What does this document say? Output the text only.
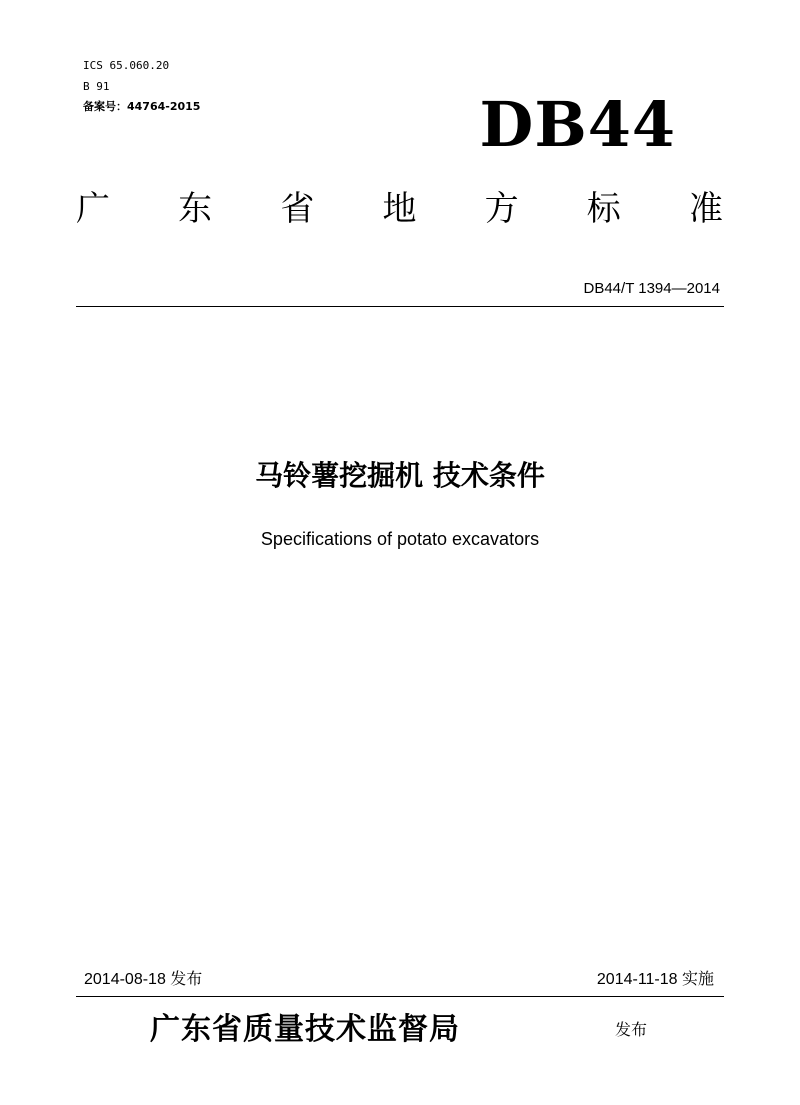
ICS 65.060.20
B 91
备案号：44764-2015	DB44
广 东 省 地 方 标 准
DB44/T 1394—2014
马铃薯挖掘机 技术条件
Specifications of potato excavators
2014-08-18 发布	2014-11-18 实施
广东省质量技术监督局	发布
